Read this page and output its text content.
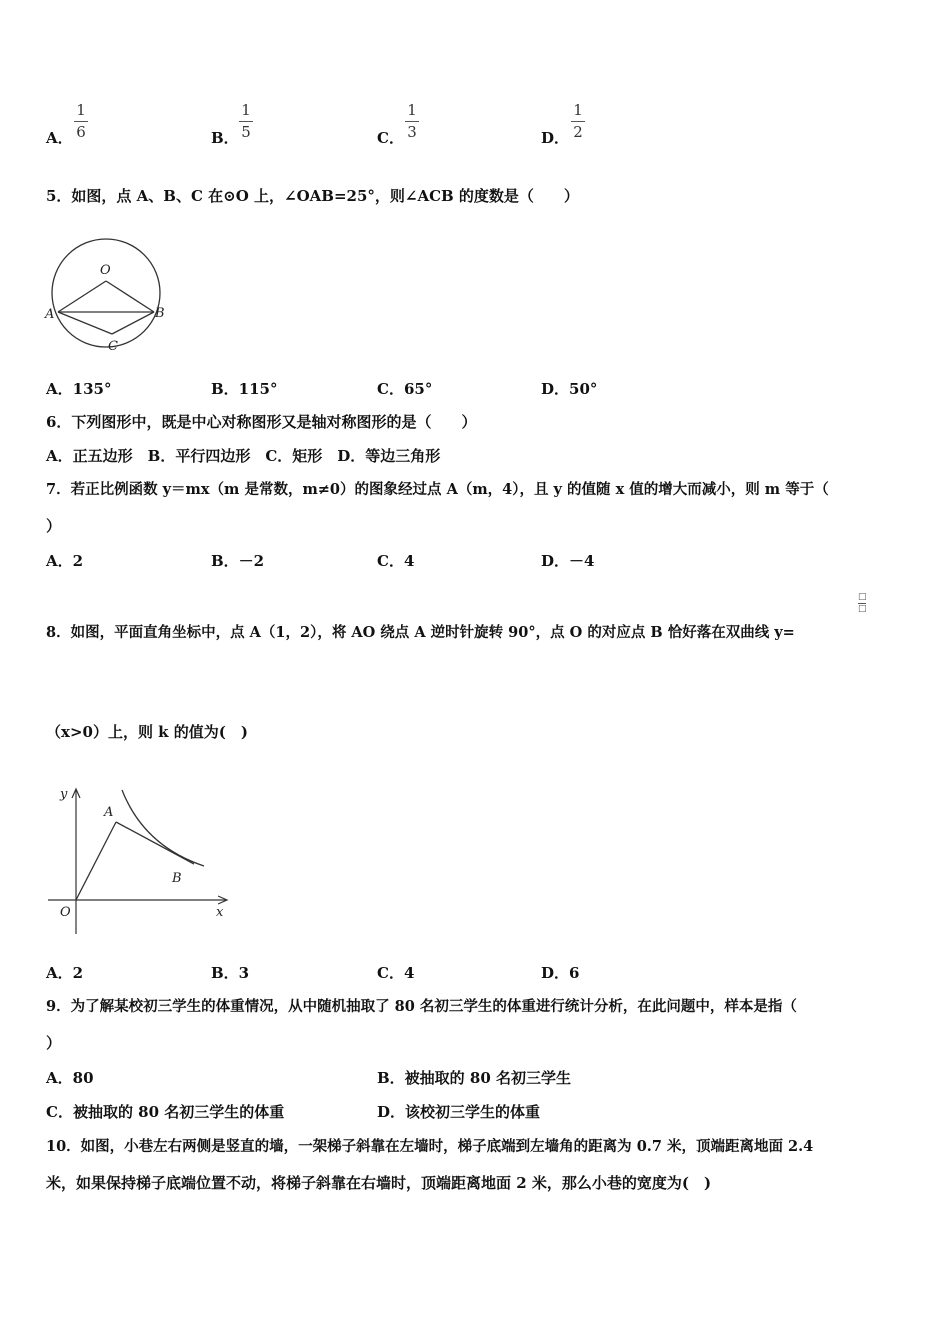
A．
1
6	B．
1
5	C．
1
3	D．
1
2
5．如图，点 A、B、C 在⊙O 上，∠OAB=25°，则∠ACB 的度数是（　　）
O
A	B
C
A．135°	B．115°	C．65°	D．50°
6．下列图形中，既是中心对称图形又是轴对称图形的是（　　）
A．正五边形　B．平行四边形　C．矩形　D．等边三角形
7．若正比例函数 y＝mx（m 是常数，m≠0）的图象经过点 A（m，4），且 y 的值随 x 值的增大而减小，则 m 等于（
）
A．2	B．－2	C．4	D．－4
8．如图，平面直角坐标中，点 A（1，2），将 AO 绕点 A 逆时针旋转 90°，点 O 的对应点 B 恰好落在双曲线 y=
□
□
（x>0）上，则 k 的值为(　)
y
A
B
O	x
A．2	B．3	C．4	D．6
9．为了解某校初三学生的体重情况，从中随机抽取了 80 名初三学生的体重进行统计分析，在此问题中，样本是指（
）
A．80	B．被抽取的 80 名初三学生
C．被抽取的 80 名初三学生的体重	D．该校初三学生的体重
10．如图，小巷左右两侧是竖直的墙，一架梯子斜靠在左墙时，梯子底端到左墙角的距离为 0.7 米，顶端距离地面 2.4
米，如果保持梯子底端位置不动，将梯子斜靠在右墙时，顶端距离地面 2 米，那么小巷的宽度为(　)
